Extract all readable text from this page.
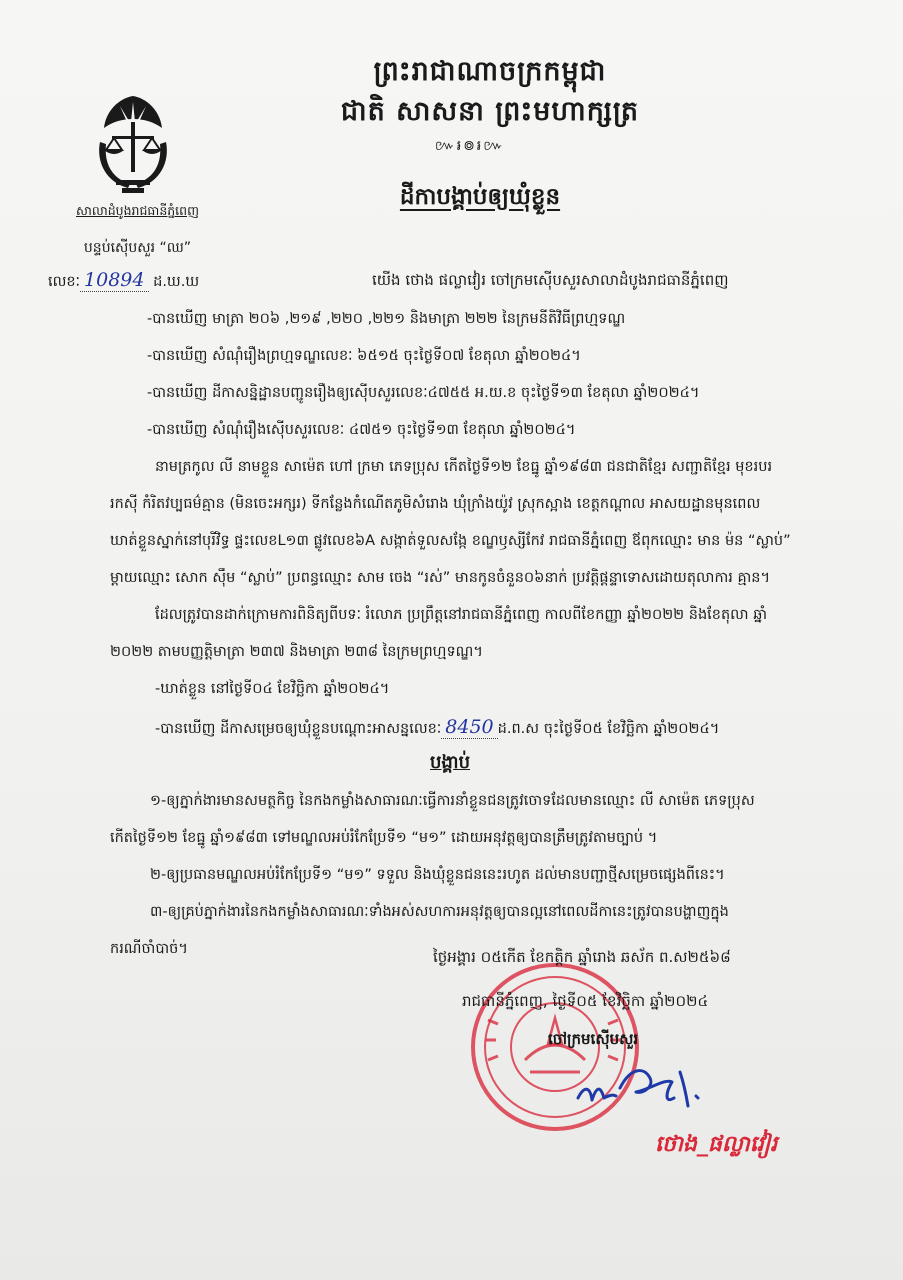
សាលាដំបូងរាជធានីភ្នំពេញ
បន្ទប់ស៊ើបសួរ “ឈ”
លេខៈ 10894 ដ.ឃ.ឃ
ព្រះរាជាណាចក្រកម្ពុជា
ជាតិ សាសនា ព្រះមហាក្សត្រ
៚៛៙៛៚
ដីកាបង្គាប់ឲ្យឃុំខ្លួន
យើង ថោង ផល្លាវៀរ ចៅក្រមស៊ើបសួរសាលាដំបូងរាជធានីភ្នំពេញ
-បានឃើញ មាត្រា ២០៦ ,២១៩ ,២២០ ,២២១ និងមាត្រា ២២២ នៃក្រមនីតិវិធីព្រហ្មទណ្ឌ
-បានឃើញ សំណុំរឿងព្រហ្មទណ្ឌលេខៈ ៦៥១៥ ចុះថ្ងៃទី០៧ ខែតុលា ឆ្នាំ២០២៤។
-បានឃើញ ដីកាសន្និដ្ឋានបញ្ជូនរឿងឲ្យស៊ើបសួរលេខៈ៤៧៥៥ អ.យ.ខ ចុះថ្ងៃទី១៣ ខែតុលា ឆ្នាំ២០២៤។
-បានឃើញ សំណុំរឿងស៊ើបសួរលេខៈ ៤៧៥១ ចុះថ្ងៃទី១៣ ខែតុលា ឆ្នាំ២០២៤។
នាមត្រកូល លី នាមខ្លួន សាម៉េត ហៅ ក្រមា ភេទប្រុស កើតថ្ងៃទី១២ ខែធ្នូ ឆ្នាំ១៩៨៣ ជនជាតិខ្មែរ សញ្ជាតិខ្មែរ មុខរបរ
រកស៊ី កំរិតវប្បធម៌គ្មាន (មិនចេះអក្សរ) ទីកន្លែងកំណើតភូមិសំរោង ឃុំក្រាំងយ៉ូវ ស្រុកស្អាង ខេត្តកណ្ដាល អាសយដ្ឋានមុនពេល
ឃាត់ខ្លួនស្នាក់នៅបុរីវិទ្ធ ផ្ទះលេខL១៣ ផ្លូវលេខ៦A សង្កាត់ទួលសង្កែ ខណ្ឌឫស្សីកែវ រាជធានីភ្នំពេញ ឪពុកឈ្មោះ មាន ម៉ន “ស្លាប់”
ម្ដាយឈ្មោះ សោក ស៊ឹម “ស្លាប់” ប្រពន្ធឈ្មោះ សាម ចេង “រស់” មានកូនចំនួន០៦នាក់ ប្រវត្តិផ្ដន្ទាទោសដោយតុលាការ គ្មាន។
ដែលត្រូវបានដាក់ក្រោមការពិនិត្យពីបទៈ រំលោភ ប្រព្រឹត្តនៅរាជធានីភ្នំពេញ កាលពីខែកញ្ញា ឆ្នាំ២០២២ និងខែតុលា ឆ្នាំ
២០២២ តាមបញ្ញត្តិមាត្រា ២៣៧ និងមាត្រា ២៣៨ នៃក្រមព្រហ្មទណ្ឌ។
-ឃាត់ខ្លួន នៅថ្ងៃទី០៤ ខែវិច្ឆិកា ឆ្នាំ២០២៤។
-បានឃើញ ដីកាសម្រេចឲ្យឃុំខ្លួនបណ្ដោះអាសន្នលេខៈ 8450 ដ.ព.ស ចុះថ្ងៃទី០៥ ខែវិច្ឆិកា ឆ្នាំ២០២៤។
បង្គាប់
១-ឲ្យភ្នាក់ងារមានសមត្ថកិច្ច នៃកងកម្លាំងសាធារណៈធ្វើការនាំខ្លួនជនត្រូវចោទដែលមានឈ្មោះ លី សាម៉េត ភេទប្រុស
កើតថ្ងៃទី១២ ខែធ្នូ ឆ្នាំ១៩៨៣ ទៅមណ្ឌលអប់រំកែប្រែទី១ “ម១” ដោយអនុវត្តឲ្យបានត្រឹមត្រូវតាមច្បាប់ ។
២-ឲ្យប្រធានមណ្ឌលអប់រំកែប្រែទី១ “ម១” ទទួល និងឃុំខ្លួនជននេះរហូត ដល់មានបញ្ជាថ្មីសម្រេចផ្សេងពីនេះ។
៣-ឲ្យគ្រប់ភ្នាក់ងារនៃកងកម្លាំងសាធារណៈទាំងអស់សហការអនុវត្តឲ្យបានល្អនៅពេលដីកានេះត្រូវបានបង្ហាញក្នុង
ករណីចាំបាច់។	ថ្ងៃអង្គារ ០៥កើត ខែកត្តិក ឆ្នាំរោង ឆស័ក ព.ស២៥៦៨
រាជធានីភ្នំពេញ, ថ្ងៃទី០៥ ខែវិច្ឆិកា ឆ្នាំ២០២៤
ចៅក្រមស៊ើបសួរ
ថោង_ផល្លាវៀរ
